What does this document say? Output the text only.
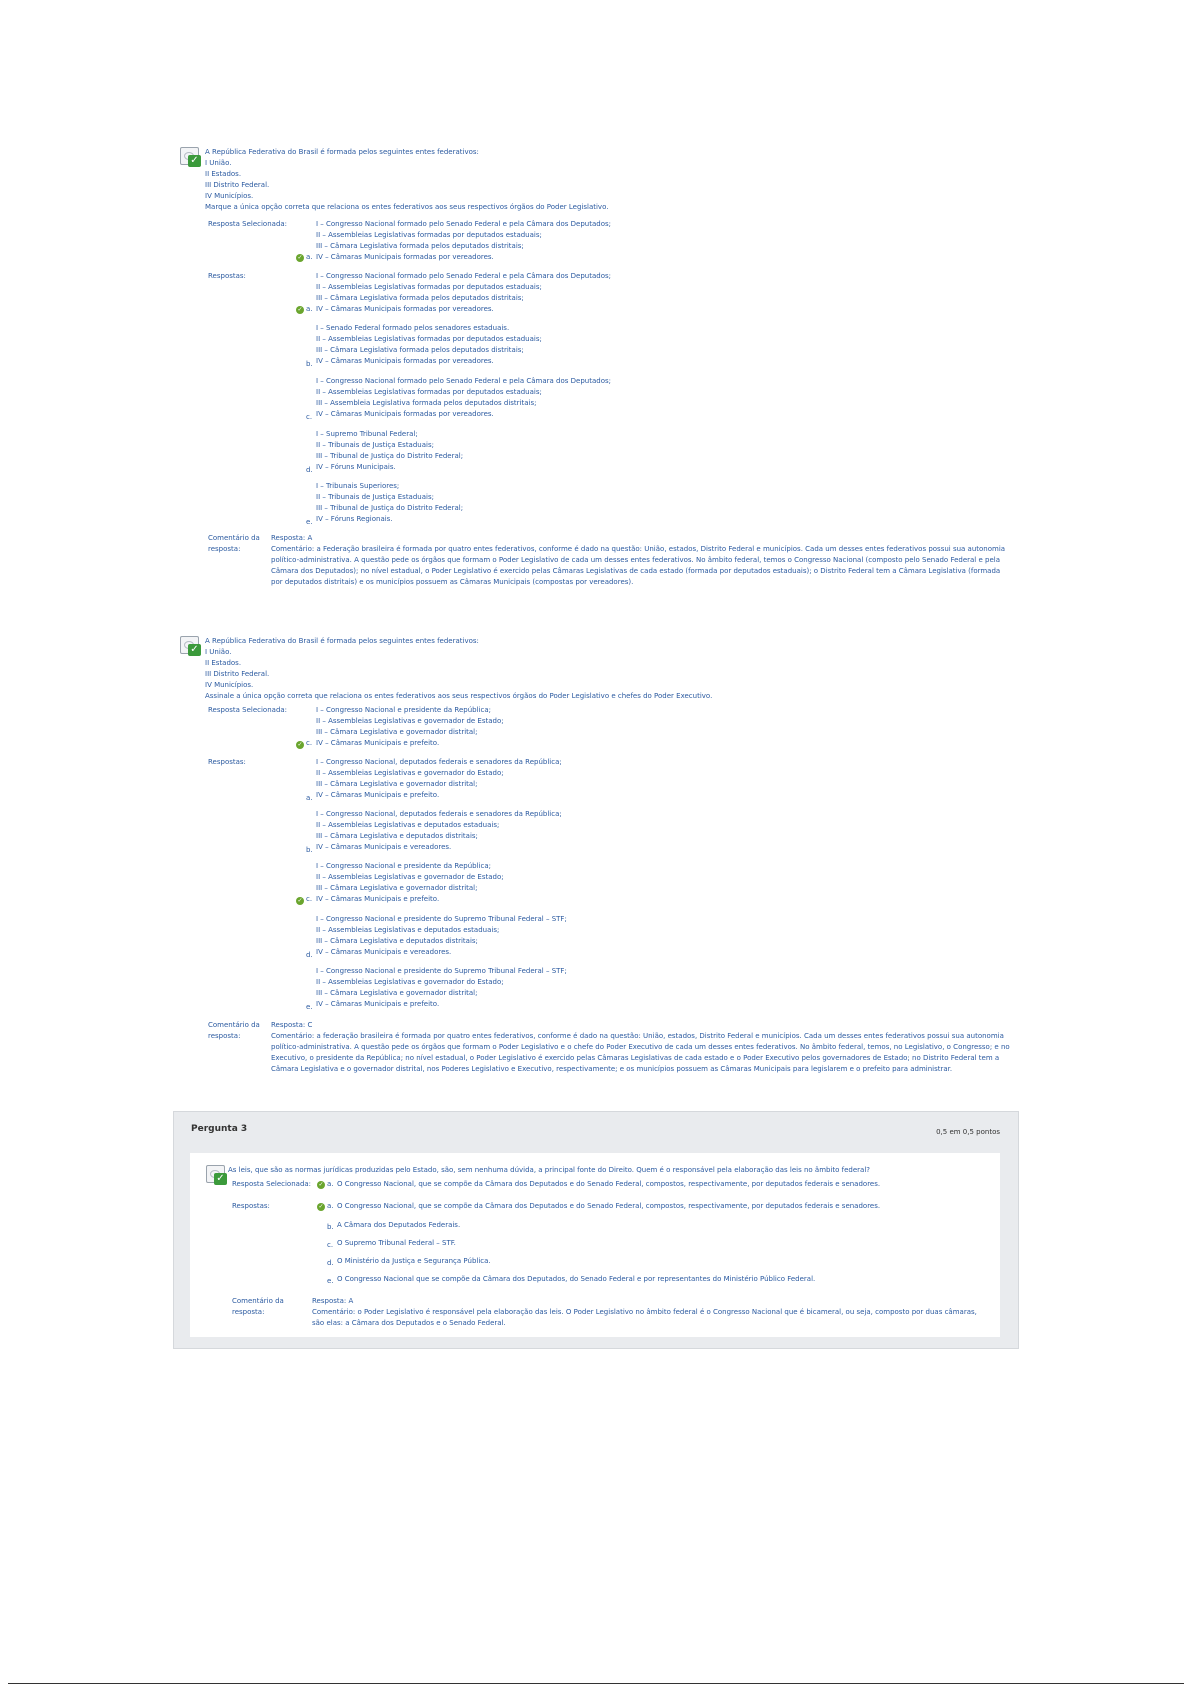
✓
A República Federativa do Brasil é formada pelos seguintes entes federativos:
I União.
II Estados.
III Distrito Federal.
IV Municípios.
Marque a única opção correta que relaciona os entes federativos aos seus respectivos órgãos do Poder Legislativo.
Resposta Selecionada:
✓ a.
I – Congresso Nacional formado pelo Senado Federal e pela Câmara dos Deputados;
II – Assembleias Legislativas formadas por deputados estaduais;
III – Câmara Legislativa formada pelos deputados distritais;
IV – Câmaras Municipais formadas por vereadores.
Respostas:
✓ a.
I – Congresso Nacional formado pelo Senado Federal e pela Câmara dos Deputados;
II – Assembleias Legislativas formadas por deputados estaduais;
III – Câmara Legislativa formada pelos deputados distritais;
IV – Câmaras Municipais formadas por vereadores.
b.
I – Senado Federal formado pelos senadores estaduais.
II – Assembleias Legislativas formadas por deputados estaduais;
III – Câmara Legislativa formada pelos deputados distritais;
IV – Câmaras Municipais formadas por vereadores.
c.
I – Congresso Nacional formado pelo Senado Federal e pela Câmara dos Deputados;
II – Assembleias Legislativas formadas por deputados estaduais;
III – Assembleia Legislativa formada pelos deputados distritais;
IV – Câmaras Municipais formadas por vereadores.
d.
I – Supremo Tribunal Federal;
II – Tribunais de Justiça Estaduais;
III – Tribunal de Justiça do Distrito Federal;
IV – Fóruns Municipais.
e.
I – Tribunais Superiores;
II – Tribunais de Justiça Estaduais;
III – Tribunal de Justiça do Distrito Federal;
IV – Fóruns Regionais.
Comentário da
resposta:
Resposta: A
Comentário: a Federação brasileira é formada por quatro entes federativos, conforme é dado na questão: União, estados, Distrito Federal e municípios. Cada um desses entes federativos possui sua autonomia político-administrativa. A questão pede os órgãos que formam o Poder Legislativo de cada um desses entes federativos. No âmbito federal, temos o Congresso Nacional (composto pelo Senado Federal e pela Câmara dos Deputados); no nível estadual, o Poder Legislativo é exercido pelas Câmaras Legislativas de cada estado (formada por deputados estaduais); o Distrito Federal tem a Câmara Legislativa (formada por deputados distritais) e os municípios possuem as Câmaras Municipais (compostas por vereadores).
✓
A República Federativa do Brasil é formada pelos seguintes entes federativos:
I União.
II Estados.
III Distrito Federal.
IV Municípios.
Assinale a única opção correta que relaciona os entes federativos aos seus respectivos órgãos do Poder Legislativo e chefes do Poder Executivo.
Resposta Selecionada:
✓ c.
I – Congresso Nacional e presidente da República;
II – Assembleias Legislativas e governador de Estado;
III – Câmara Legislativa e governador distrital;
IV – Câmaras Municipais e prefeito.
Respostas:
a.
I – Congresso Nacional, deputados federais e senadores da República;
II – Assembleias Legislativas e governador do Estado;
III – Câmara Legislativa e governador distrital;
IV – Câmaras Municipais e prefeito.
b.
I – Congresso Nacional, deputados federais e senadores da República;
II – Assembleias Legislativas e deputados estaduais;
III – Câmara Legislativa e deputados distritais;
IV – Câmaras Municipais e vereadores.
✓ c.
I – Congresso Nacional e presidente da República;
II – Assembleias Legislativas e governador de Estado;
III – Câmara Legislativa e governador distrital;
IV – Câmaras Municipais e prefeito.
d.
I – Congresso Nacional e presidente do Supremo Tribunal Federal – STF;
II – Assembleias Legislativas e deputados estaduais;
III – Câmara Legislativa e deputados distritais;
IV – Câmaras Municipais e vereadores.
e.
I – Congresso Nacional e presidente do Supremo Tribunal Federal – STF;
II – Assembleias Legislativas e governador do Estado;
III – Câmara Legislativa e governador distrital;
IV – Câmaras Municipais e prefeito.
Comentário da
resposta:
Resposta: C
Comentário: a federação brasileira é formada por quatro entes federativos, conforme é dado na questão: União, estados, Distrito Federal e municípios. Cada um desses entes federativos possui sua autonomia político-administrativa. A questão pede os órgãos que formam o Poder Legislativo e o chefe do Poder Executivo de cada um desses entes federativos. No âmbito federal, temos, no Legislativo, o Congresso; e no Executivo, o presidente da República; no nível estadual, o Poder Legislativo é exercido pelas Câmaras Legislativas de cada estado e o Poder Executivo pelos governadores de Estado; no Distrito Federal tem a Câmara Legislativa e o governador distrital, nos Poderes Legislativo e Executivo, respectivamente; e os municípios possuem as Câmaras Municipais para legislarem e o prefeito para administrar.
Pergunta 3	0,5 em 0,5 pontos
✓
As leis, que são as normas jurídicas produzidas pelo Estado, são, sem nenhuma dúvida, a principal fonte do Direito. Quem é o responsável pela elaboração das leis no âmbito federal?
Resposta Selecionada: ✓ a. O Congresso Nacional, que se compõe da Câmara dos Deputados e do Senado Federal, compostos, respectivamente, por deputados federais e senadores.
Respostas:	✓ a. O Congresso Nacional, que se compõe da Câmara dos Deputados e do Senado Federal, compostos, respectivamente, por deputados federais e senadores.
b. A Câmara dos Deputados Federais.
c. O Supremo Tribunal Federal – STF.
d. O Ministério da Justiça e Segurança Pública.
e. O Congresso Nacional que se compõe da Câmara dos Deputados, do Senado Federal e por representantes do Ministério Público Federal.
Comentário da
resposta:
Resposta: A
Comentário: o Poder Legislativo é responsável pela elaboração das leis. O Poder Legislativo no âmbito federal é o Congresso Nacional que é bicameral, ou seja, composto por duas câmaras, são elas: a Câmara dos Deputados e o Senado Federal.
